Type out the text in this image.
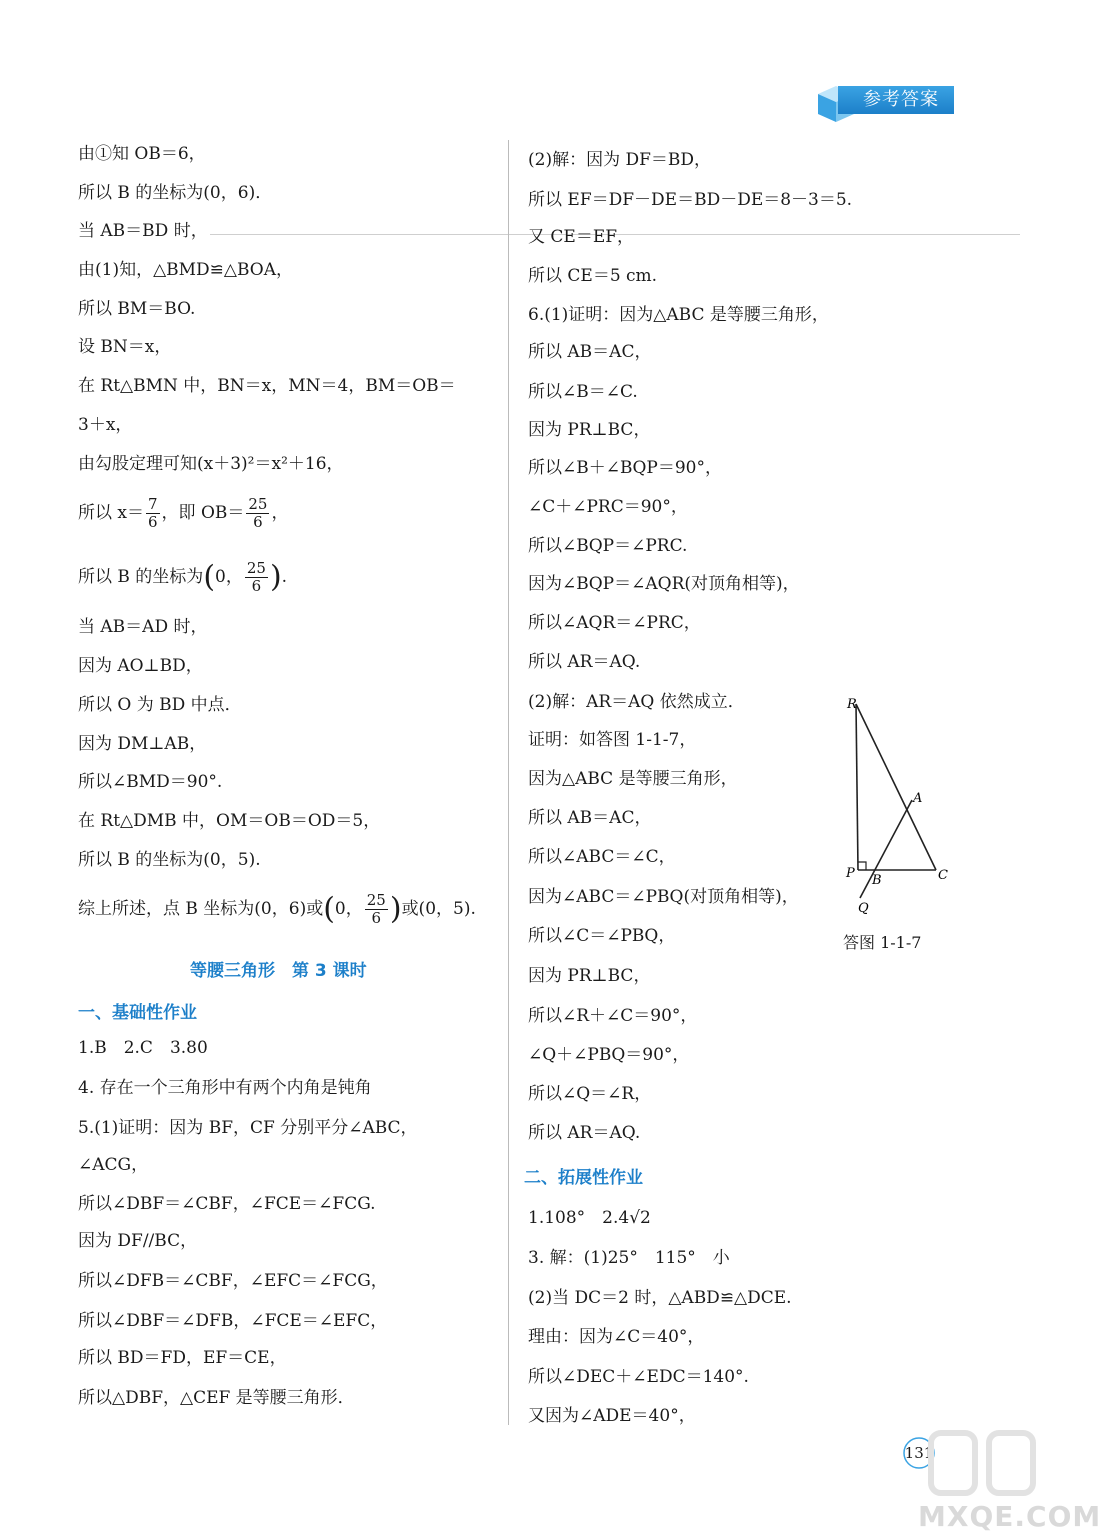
参考答案
由①知 OB＝6，
所以 B 的坐标为(0，6)．
当 AB＝BD 时，
由(1)知，△BMD≌△BOA，
所以 BM＝BO.
设 BN＝x，
在 Rt△BMN 中，BN＝x，MN＝4，BM＝OB＝
3＋x，
由勾股定理可知(x＋3)²＝x²＋16，
所以 $x= \frac{7}{6}$ ，即 $OB= \frac{25}{6}$ ，
所以 B 的坐标为(0， $\frac{25}{6}$ ).
当 AB＝AD 时，
因为 AO⊥BD，
所以 O 为 BD 中点．
因为 DM⊥AB，
所以∠BMD＝90°.
在 Rt△DMB 中，OM＝OB＝OD＝5，
所以 B 的坐标为(0，5).
综上所述，点 B 坐标为(0，6)或(0， $\frac{25}{6}$ )或(0，5).
等腰三角形　第 3 课时
一、基础性作业
1.B　2.C　3.80
4. 存在一个三角形中有两个内角是钝角
5.(1)证明：因为 BF，CF 分别平分∠ABC，
∠ACG，
所以∠DBF＝∠CBF，∠FCE＝∠FCG.
因为 DF//BC，
所以∠DFB＝∠CBF，∠EFC＝∠FCG，
所以∠DBF＝∠DFB，∠FCE＝∠EFC，
所以 BD＝FD，EF＝CE，
所以△DBF，△CEF 是等腰三角形．
(2)解：因为 DF＝BD，
所以 EF＝DF－DE＝BD－DE＝8－3＝5.
又 CE＝EF，
所以 CE＝5 cm.
6.(1)证明：因为△ABC 是等腰三角形，
所以 AB＝AC，
所以∠B＝∠C.
因为 PR⊥BC，
所以∠B＋∠BQP＝90°，
∠C＋∠PRC＝90°，
所以∠BQP＝∠PRC.
因为∠BQP＝∠AQR(对顶角相等)，
所以∠AQR＝∠PRC，
所以 AR＝AQ.
(2)解：AR＝AQ 依然成立．
证明：如答图 1-1-7，
因为△ABC 是等腰三角形，
所以 AB＝AC，
所以∠ABC＝∠C，
因为∠ABC＝∠PBQ(对顶角相等)，
所以∠C＝∠PBQ，
因为 PR⊥BC，
所以∠R＋∠C＝90°，
∠Q＋∠PBQ＝90°，
所以∠Q＝∠R，
所以 AR＝AQ.
二、拓展性作业
1.108°　2.4√2
3. 解：(1)25°　115°　小
(2)当 DC＝2 时，△ABD≌△DCE.
理由：因为∠C＝40°，
所以∠DEC＋∠EDC＝140°.
又因为∠ADE＝40°，
R
A
P B	C
Q
答图 1-1-7
131
MXQE.COM
